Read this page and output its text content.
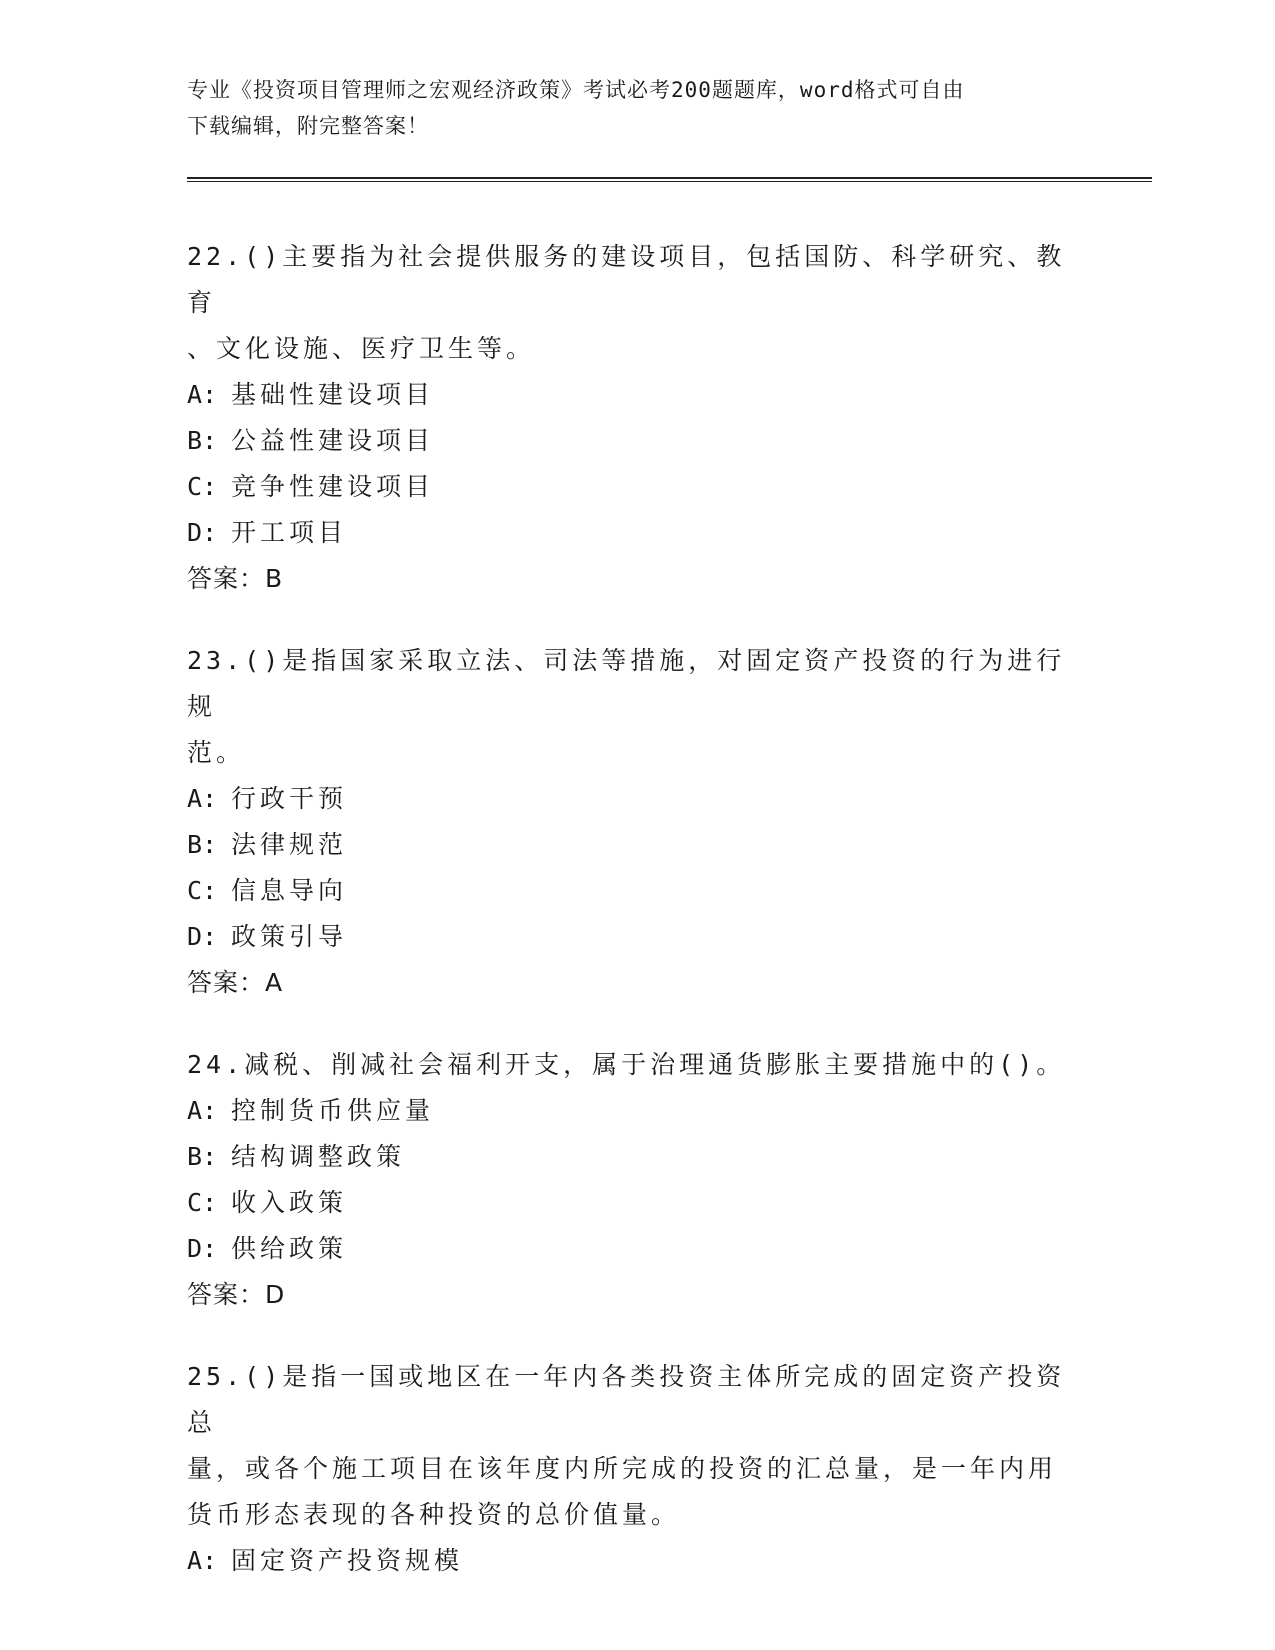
专业《投资项目管理师之宏观经济政策》考试必考200题题库，word格式可自由
下载编辑，附完整答案！

22.()主要指为社会提供服务的建设项目，包括国防、科学研究、教育

、文化设施、医疗卫生等。

A: 基础性建设项目

B: 公益性建设项目

C: 竞争性建设项目

D: 开工项目

答案：B

23.()是指国家采取立法、司法等措施，对固定资产投资的行为进行规

范。

A: 行政干预

B: 法律规范

C: 信息导向

D: 政策引导

答案：A

24.减税、削减社会福利开支，属于治理通货膨胀主要措施中的()。

A: 控制货币供应量

B: 结构调整政策

C: 收入政策

D: 供给政策

答案：D

25.()是指一国或地区在一年内各类投资主体所完成的固定资产投资总

量，或各个施工项目在该年度内所完成的投资的汇总量，是一年内用

货币形态表现的各种投资的总价值量。

A: 固定资产投资规模
